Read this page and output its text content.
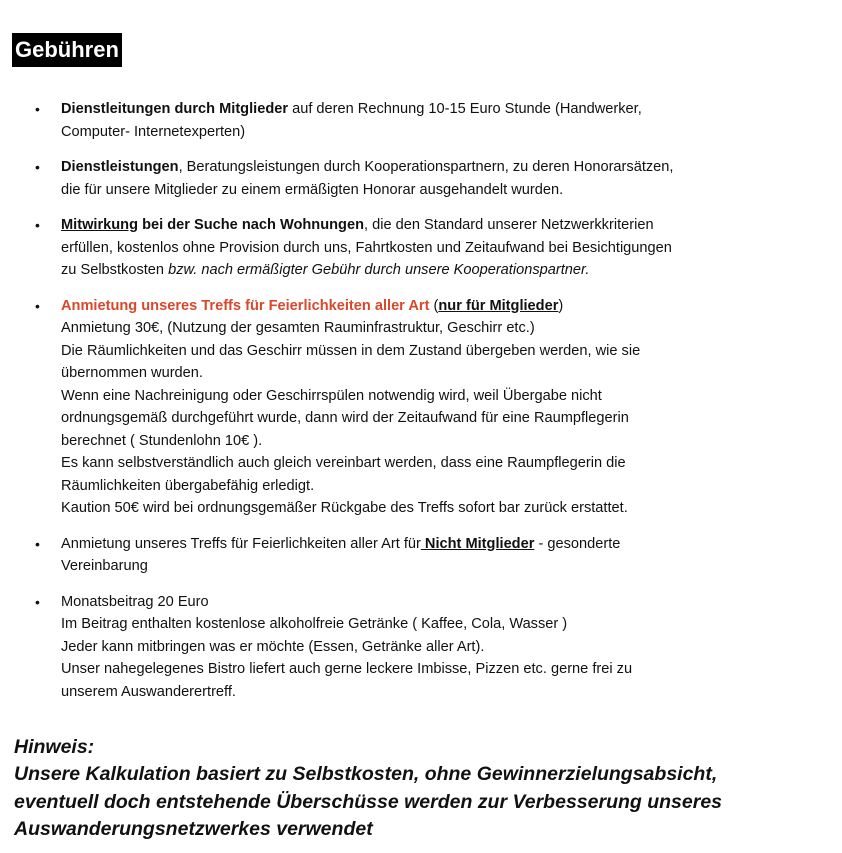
Gebühren
• Dienstleitungen durch Mitglieder auf deren Rechnung 10-15 Euro Stunde (Handwerker,
Computer- Internetexperten)
• Dienstleistungen, Beratungsleistungen durch Kooperationspartnern, zu deren Honorarsätzen,
die für unsere Mitglieder zu einem ermäßigten Honorar ausgehandelt wurden.
• Mitwirkung bei der Suche nach Wohnungen, die den Standard unserer Netzwerkkriterien
erfüllen, kostenlos ohne Provision durch uns, Fahrtkosten und Zeitaufwand bei Besichtigungen
zu Selbstkosten bzw. nach ermäßigter Gebühr durch unsere Kooperationspartner.
• Anmietung unseres Treffs für Feierlichkeiten aller Art (nur für Mitglieder)
Anmietung 30€, (Nutzung der gesamten Rauminfrastruktur, Geschirr etc.)
Die Räumlichkeiten und das Geschirr müssen in dem Zustand übergeben werden, wie sie
übernommen wurden.
Wenn eine Nachreinigung oder Geschirrspülen notwendig wird, weil Übergabe nicht
ordnungsgemäß durchgeführt wurde, dann wird der Zeitaufwand für eine Raumpflegerin
berechnet ( Stundenlohn 10€ ).
Es kann selbstverständlich auch gleich vereinbart werden, dass eine Raumpflegerin die
Räumlichkeiten übergabefähig erledigt.
Kaution 50€ wird bei ordnungsgemäßer Rückgabe des Treffs sofort bar zurück erstattet.
• Anmietung unseres Treffs für Feierlichkeiten aller Art für Nicht Mitglieder - gesonderte
Vereinbarung
• Monatsbeitrag 20 Euro
Im Beitrag enthalten kostenlose alkoholfreie Getränke ( Kaffee, Cola, Wasser )
Jeder kann mitbringen was er möchte (Essen, Getränke aller Art).
Unser nahegelegenes Bistro liefert auch gerne leckere Imbisse, Pizzen etc. gerne frei zu
unserem Auswanderertreff.
Hinweis:
Unsere Kalkulation basiert zu Selbstkosten, ohne Gewinnerzielungsabsicht,
eventuell doch entstehende Überschüsse werden zur Verbesserung unseres
Auswanderungsnetzwerkes verwendet
